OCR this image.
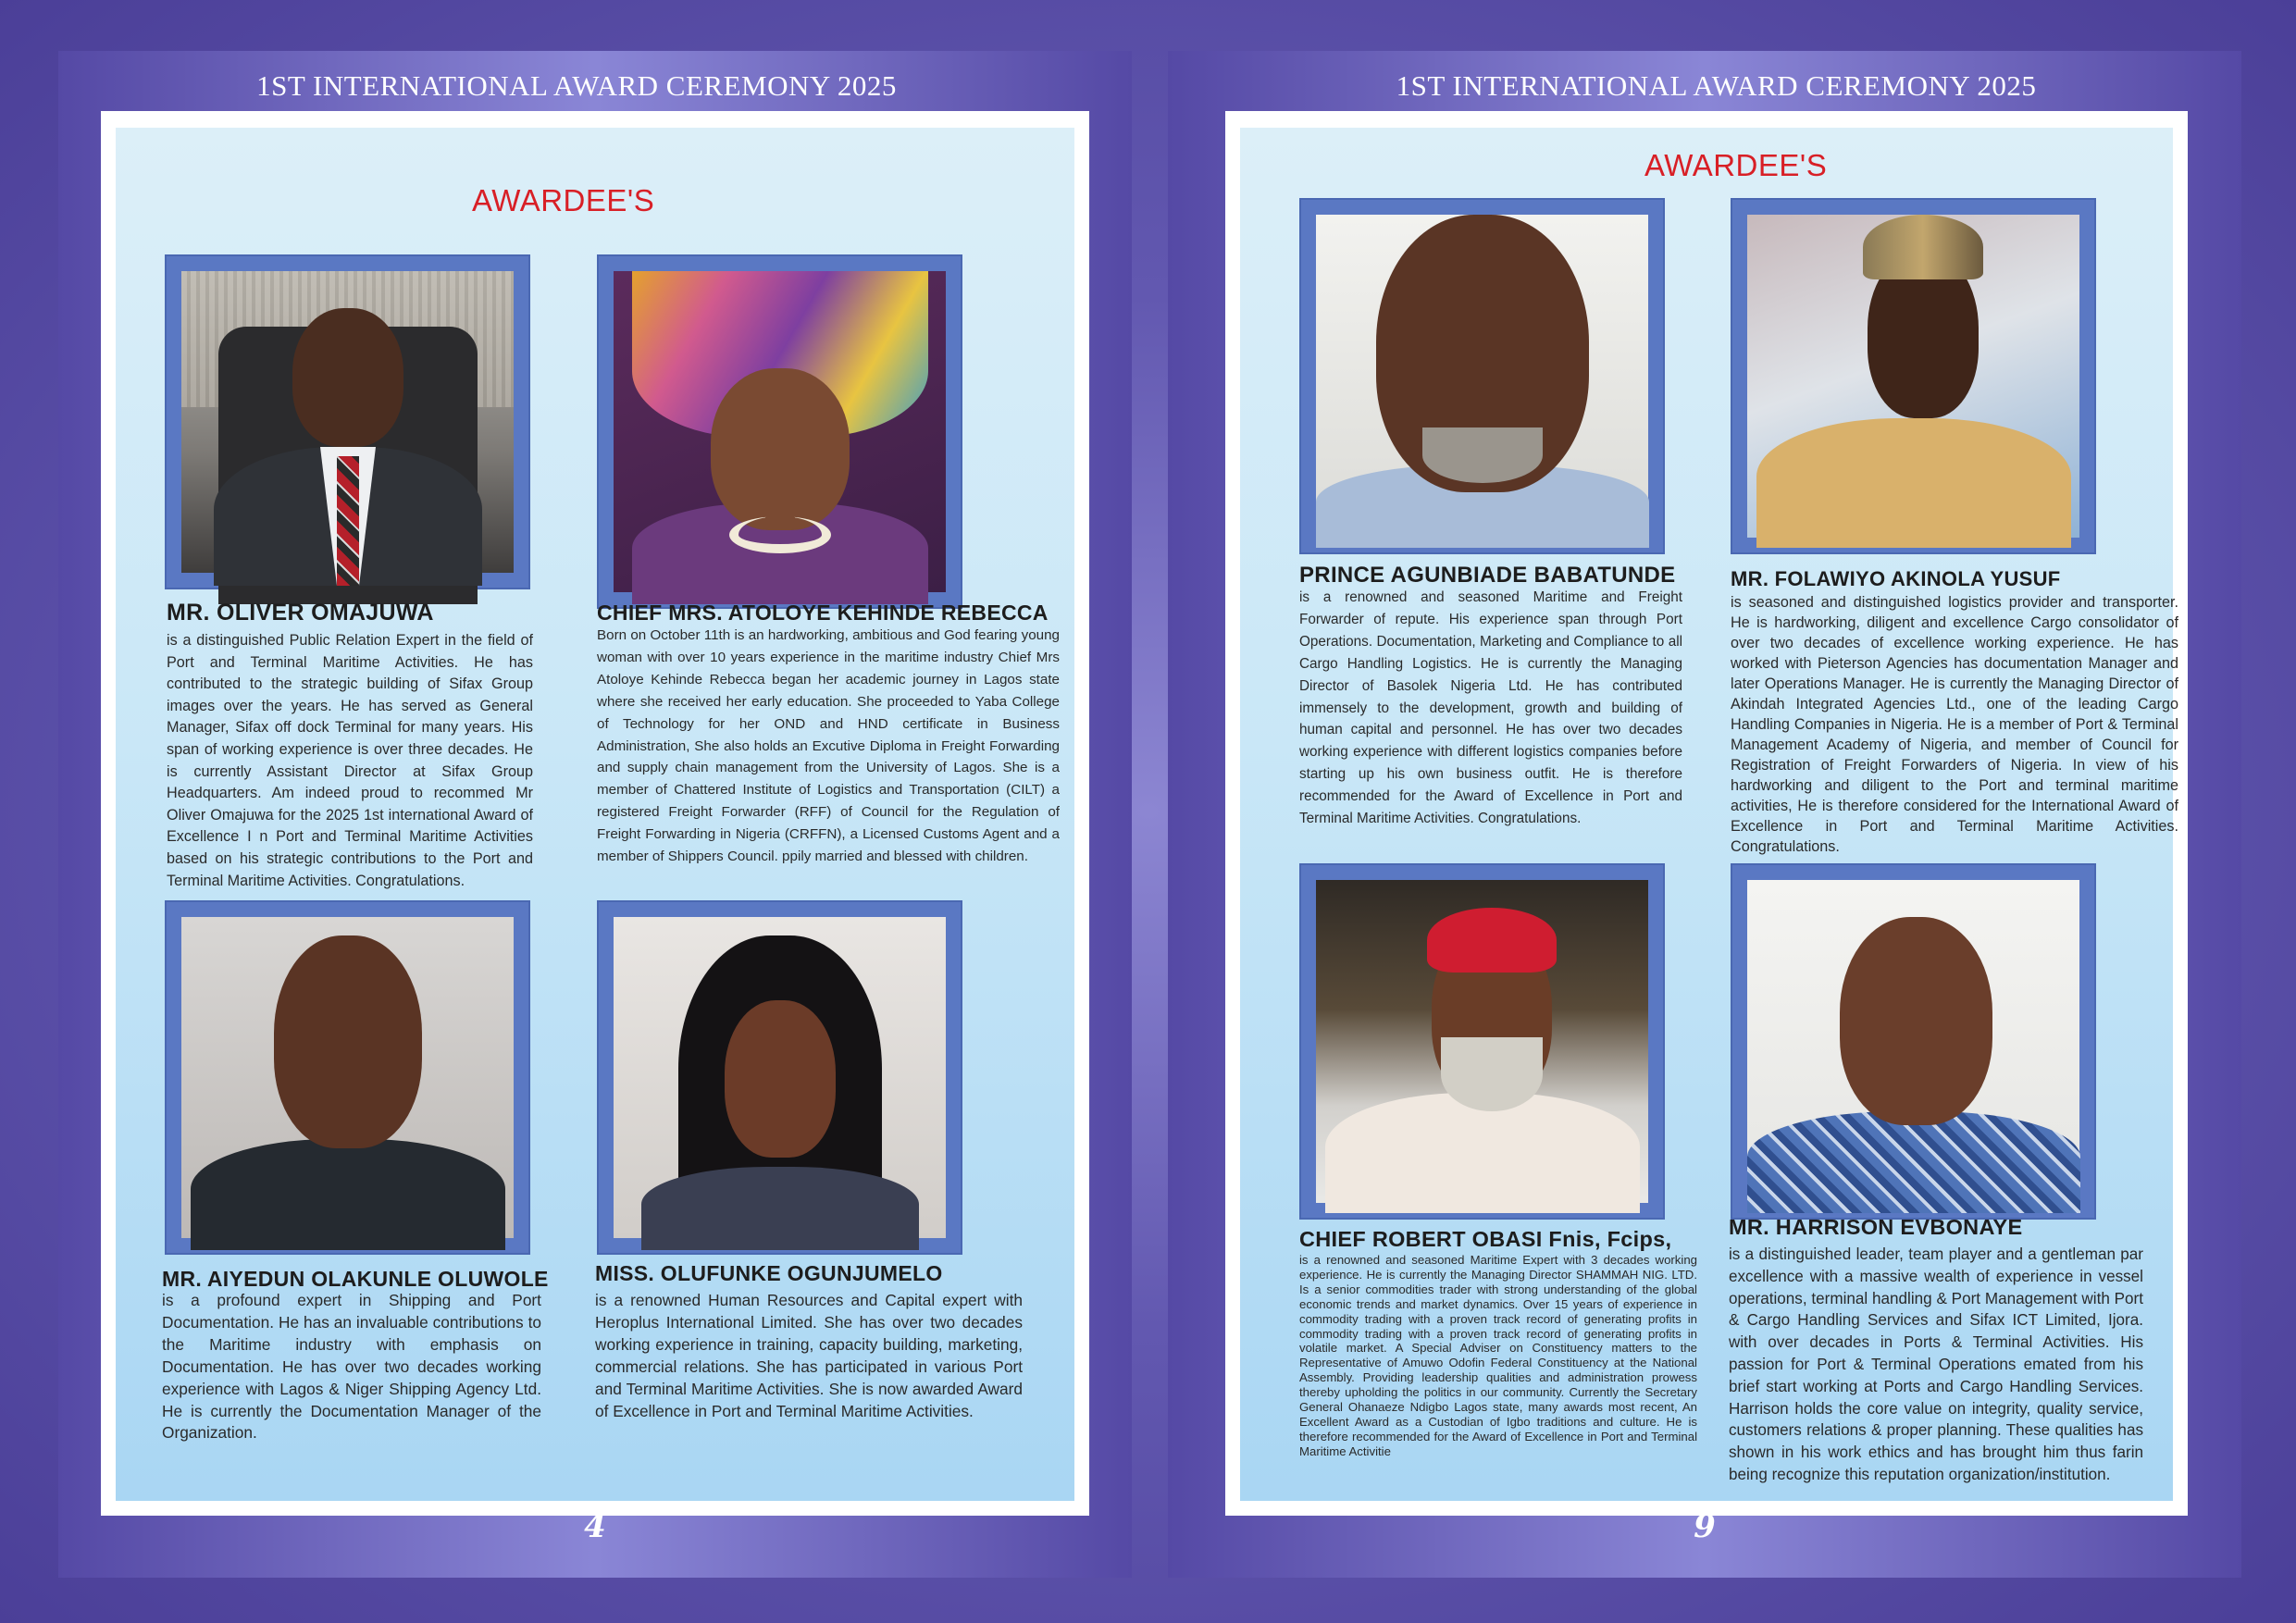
1ST INTERNATIONAL AWARD CEREMONY 2025
AWARDEE'S
MR. OLIVER OMAJUWA
is a distinguished Public Relation Expert in the field of Port and Terminal Maritime Activities. He has contributed to the strategic building of Sifax Group images over the years. He has served as General Manager, Sifax off dock Terminal for many years. His span of working experience is over three decades. He is currently Assistant Director at Sifax Group Headquarters. Am indeed proud to recommed Mr Oliver Omajuwa for the 2025 1st international Award of Excellence I n Port and Terminal Maritime Activities based on his strategic contributions to the Port and Terminal Maritime Activities. Congratulations.
CHIEF MRS. ATOLOYE KEHINDE REBECCA
Born on October 11th is an hardworking, ambitious and God fearing young woman with over 10 years experience in the maritime industry Chief Mrs Atoloye Kehinde Rebecca began her academic journey in Lagos state where she received her early education. She proceeded to Yaba College of Technology for her OND and HND certificate in Business Administration, She also holds an Excutive Diploma in Freight Forwarding and supply chain management from the University of Lagos. She is a member of Chattered Institute of Logistics and Transportation (CILT) a registered Freight Forwarder (RFF) of Council for the Regulation of Freight Forwarding in Nigeria (CRFFN), a Licensed Customs Agent and a member of Shippers Council. ppily married and blessed with children.
MR. AIYEDUN OLAKUNLE OLUWOLE
is a profound expert in Shipping and Port Documentation. He has an invaluable contributions to the Maritime industry with emphasis on Documentation. He has over two decades working experience with Lagos & Niger Shipping Agency Ltd. He is currently the Documentation Manager of the Organization.
MISS. OLUFUNKE OGUNJUMELO
is a renowned Human Resources and Capital expert with Heroplus International Limited. She has over two decades working experience in training, capacity building, marketing, commercial relations. She has participated in various Port and Terminal Maritime Activities. She is now awarded Award of Excellence in Port and Terminal Maritime Activities.
4
1ST INTERNATIONAL AWARD CEREMONY 2025
AWARDEE'S
PRINCE AGUNBIADE BABATUNDE
is a renowned and seasoned Maritime and Freight Forwarder of repute. His experience span through Port Operations. Documentation, Marketing and Compliance to all Cargo Handling Logistics. He is currently the Managing Director of Basolek Nigeria Ltd. He has contributed immensely to the development, growth and building of human capital and personnel. He has over two decades working experience with different logistics companies before starting up his own business outfit. He is therefore recommended for the Award of Excellence in Port and Terminal Maritime Activities. Congratulations.
MR. FOLAWIYO AKINOLA YUSUF
is seasoned and distinguished logistics provider and transporter. He is hardworking, diligent and excellence Cargo consolidator of over two decades of excellence working experience. He has worked with Pieterson Agencies has documentation Manager and later Operations Manager. He is currently the Managing Director of Akindah Integrated Agencies Ltd., one of the leading Cargo Handling Companies in Nigeria. He is a member of Port & Terminal Management Academy of Nigeria, and member of Council for Registration of Freight Forwarders of Nigeria. In view of his hardworking and diligent to the Port and terminal maritime activities, He is therefore considered for the International Award of Excellence in Port and Terminal Maritime Activities. Congratulations.
CHIEF ROBERT OBASI Fnis, Fcips,
is a renowned and seasoned Maritime Expert with 3 decades working experience. He is currently the Managing Director SHAMMAH NIG. LTD. Is a senior commodities trader with strong understanding of the global economic trends and market dynamics. Over 15 years of experience in commodity trading with a proven track record of generating profits in commodity trading with a proven track record of generating profits in volatile market. A Special Adviser on Constituency matters to the Representative of Amuwo Odofin Federal Constituency at the National Assembly. Providing leadership qualities and administration prowess thereby upholding the politics in our community. Currently the Secretary General Ohanaeze Ndigbo Lagos state, many awards most recent, An Excellent Award as a Custodian of Igbo traditions and culture. He is therefore recommended for the Award of Excellence in Port and Terminal Maritime Activitie
MR. HARRISON EVBONAYE
is a distinguished leader, team player and a gentleman par excellence with a massive wealth of experience in vessel operations, terminal handling & Port Management with Port & Cargo Handling Services and Sifax ICT Limited, Ijora. with over decades in Ports & Terminal Activities. His passion for Port & Terminal Operations emated from his brief start working at Ports and Cargo Handling Services. Harrison holds the core value on integrity, quality service, customers relations & proper planning. These qualities has shown in his work ethics and has brought him thus farin being recognize this reputation organization/institution.
9
